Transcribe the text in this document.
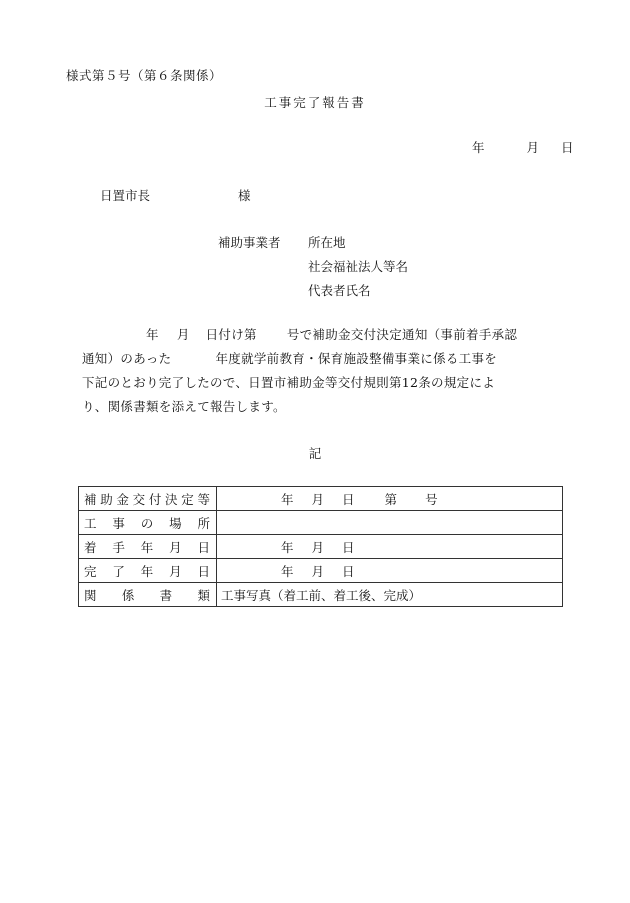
様式第５号（第６条関係）
工事完了報告書
年	月 日
日置市長	様
補助事業者 所在地
社会福祉法人等名
代表者氏名
年 月 日付け第 号で補助金交付決定通知（事前着手承認
通知）のあった	年度就学前教育・保育施設整備事業に係る工事を
下記のとおり完了したので、日置市補助金等交付規則第12条の規定によ
り、関係書類を添えて報告します。
記
補助金交付決定等	年 月 日 第 号
工事の場所	
着手年月日	年 月 日
完了年月日	年 月 日
関係書類	工事写真（着工前、着工後、完成）
